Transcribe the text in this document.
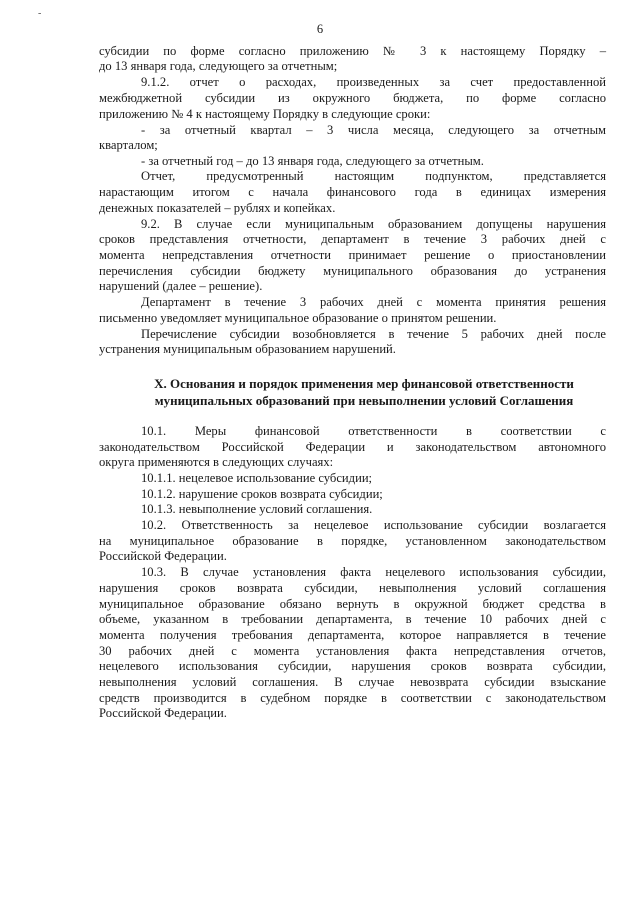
-
6
субсидии по форме согласно приложению № 3 к настоящему Порядку –
до 13 января года, следующего за отчетным;
9.1.2. отчет о расходах, произведенных за счет предоставленной
межбюджетной субсидии из окружного бюджета, по форме согласно
приложению № 4 к настоящему Порядку в следующие сроки:
- за отчетный квартал – 3 числа месяца, следующего за отчетным
кварталом;
- за отчетный год – до 13 января года, следующего за отчетным.
Отчет, предусмотренный настоящим подпунктом, представляется
нарастающим итогом с начала финансового года в единицах измерения
денежных показателей – рублях и копейках.
9.2. В случае если муниципальным образованием допущены нарушения
сроков представления отчетности, департамент в течение 3 рабочих дней с
момента непредставления отчетности принимает решение о приостановлении
перечисления субсидии бюджету муниципального образования до устранения
нарушений (далее – решение).
Департамент в течение 3 рабочих дней с момента принятия решения
письменно уведомляет муниципальное образование о принятом решении.
Перечисление субсидии возобновляется в течение 5 рабочих дней после
устранения муниципальным образованием нарушений.
X. Основания и порядок применения мер финансовой ответственности
муниципальных образований при невыполнении условий Соглашения
10.1. Меры финансовой ответственности в соответствии с
законодательством Российской Федерации и законодательством автономного
округа применяются в следующих случаях:
10.1.1. нецелевое использование субсидии;
10.1.2. нарушение сроков возврата субсидии;
10.1.3. невыполнение условий соглашения.
10.2. Ответственность за нецелевое использование субсидии возлагается
на муниципальное образование в порядке, установленном законодательством
Российской Федерации.
10.3. В случае установления факта нецелевого использования субсидии,
нарушения сроков возврата субсидии, невыполнения условий соглашения
муниципальное образование обязано вернуть в окружной бюджет средства в
объеме, указанном в требовании департамента, в течение 10 рабочих дней с
момента получения требования департамента, которое направляется в течение
30 рабочих дней с момента установления факта непредставления отчетов,
нецелевого использования субсидии, нарушения сроков возврата субсидии,
невыполнения условий соглашения. В случае невозврата субсидии взыскание
средств производится в судебном порядке в соответствии с законодательством
Российской Федерации.
